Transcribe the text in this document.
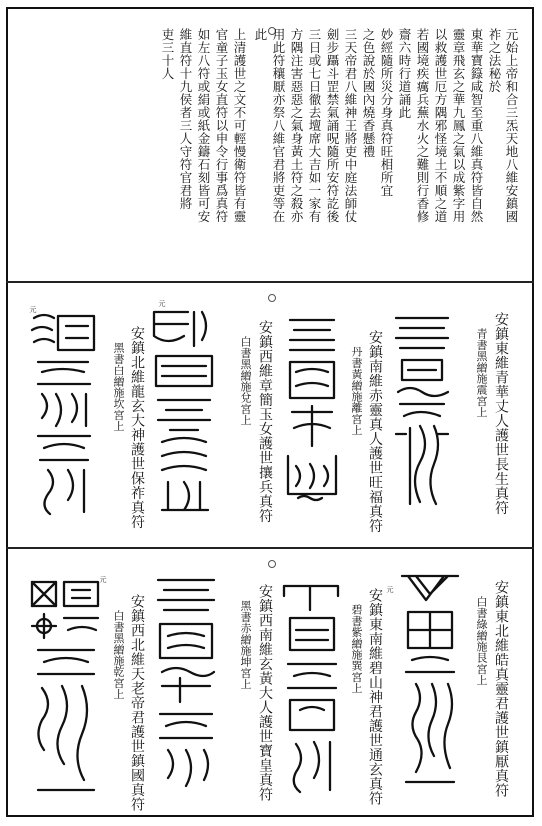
元始上帝和合三炁天地八維安鎮國
祚之法秘於
東華寶籙咸智至重八維真符皆自然
靈章飛玄之華九鳳之氣以成紫字用
以救護世厄方隅邪怪境土不順之道
若國境疾癘兵蕪水火之難則行香修
齋六時行道誦此
妙經隨所災分身真符旺相所宜
之色說於國內燒香懸禮
三天帝君八維神王將吏中庭法師仗
劍步躡斗罡禁氣誦呪隨所安符訖後
三日或七日徹去壇席大吉如一家有
方隅注害惡惡之氣身黃土符之殺亦
用此符穰厭亦祭八維官君將吏等在
此
上清護世之文不可輕慢衛符皆有靈
官童子玉女直符以申令行事爲真符
如左八符或絹或紙金鑄石刻皆可安
維直符十九侯者三人守符官君將
吏三十人
安鎮東維青華丈人護世長生真符
青書黑繒施震宮上
安鎮南維赤靈真人護世旺福真符
丹書黃繒施離宮上
安鎮西維章簡玉女護世攘兵真符
白書黑繒施兌宮上
元
安鎮北維龍玄大神護世保祚真符
黑書白繒施坎宮上
元
安鎮東北維皓真靈君護世鎮厭真符
白書綠繒施艮宮上
元
安鎮東南維碧山神君護世通玄真符
碧書紫繒施巽宮上
安鎮西南維玄黃大人護世寶皇真符
黑書赤繒施坤宮上
安鎮西北維天老帝君護世鎮國真符
白書黑繒施乾宮上
元
